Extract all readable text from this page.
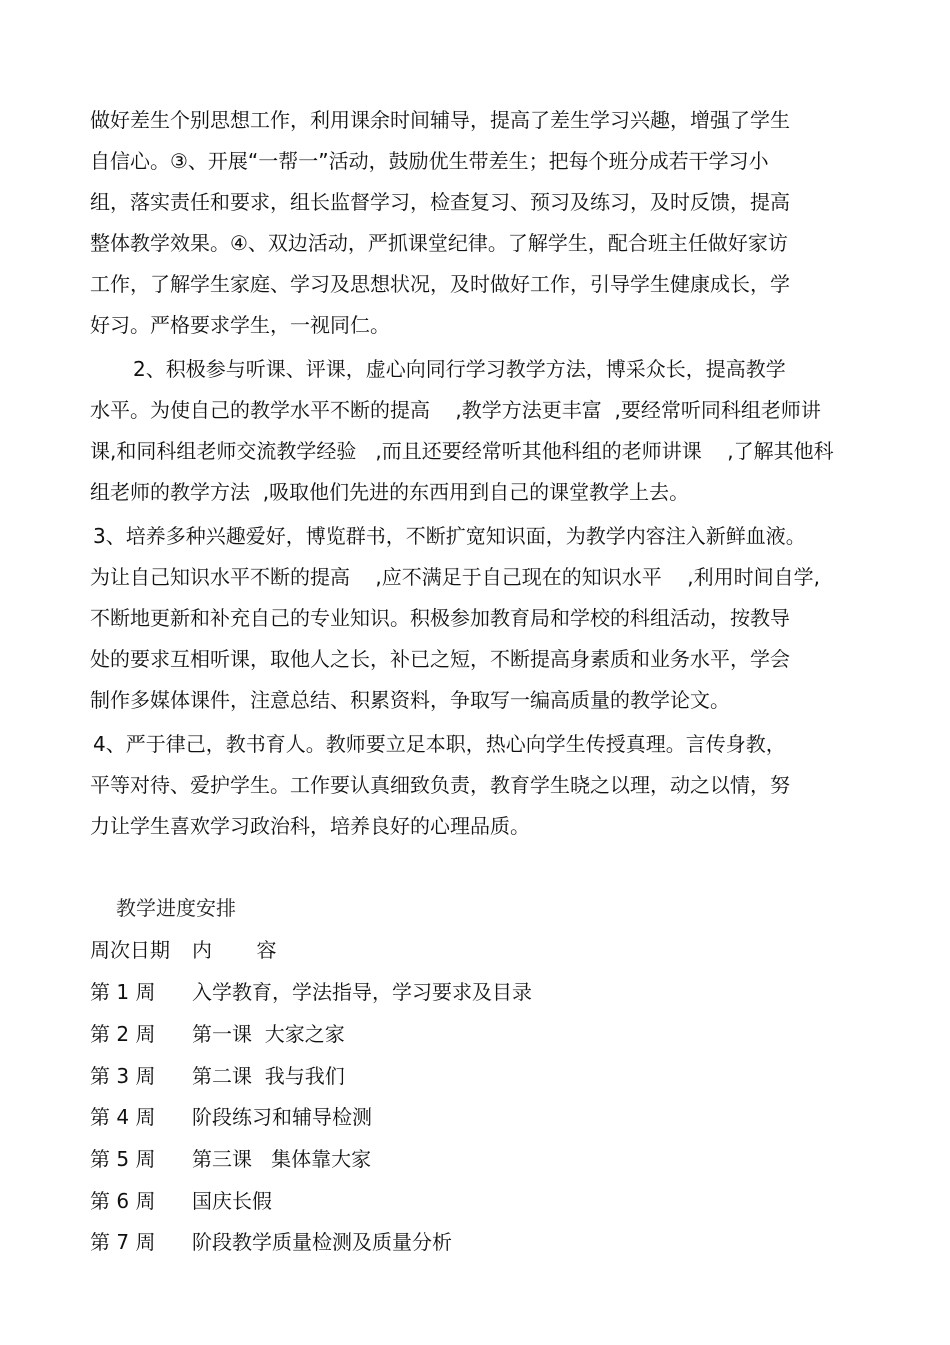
做好差生个别思想工作，利用课余时间辅导，提高了差生学习兴趣，增强了学生
自信心。③、开展“一帮一”活动，鼓励优生带差生；把每个班分成若干学习小
组，落实责任和要求，组长监督学习，检查复习、预习及练习，及时反馈，提高
整体教学效果。④、双边活动，严抓课堂纪律。了解学生，配合班主任做好家访
工作，了解学生家庭、学习及思想状况，及时做好工作，引导学生健康成长，学
好习。严格要求学生，一视同仁。
2、积极参与听课、评课，虚心向同行学习教学方法，博采众长，提高教学
水平。为使自己的教学水平不断的提高    ,教学方法更丰富  ,要经常听同科组老师讲
课,和同科组老师交流教学经验   ,而且还要经常听其他科组的老师讲课    ,了解其他科
组老师的教学方法  ,吸取他们先进的东西用到自己的课堂教学上去。
3、培养多种兴趣爱好，博览群书，不断扩宽知识面，为教学内容注入新鲜血液。
为让自己知识水平不断的提高    ,应不满足于自己现在的知识水平    ,利用时间自学,
不断地更新和补充自己的专业知识。积极参加教育局和学校的科组活动，按教导
处的要求互相听课，取他人之长，补已之短，不断提高身素质和业务水平，学会
制作多媒体课件，注意总结、积累资料，争取写一编高质量的教学论文。
4、严于律己，教书育人。教师要立足本职，热心向学生传授真理。言传身教，
平等对待、爱护学生。工作要认真细致负责，教育学生晓之以理，动之以情，努
力让学生喜欢学习政治科，培养良好的心理品质。
教学进度安排

周次日期

内       容

第 1 周

入学教育，学法指导，学习要求及目录

第 2 周

第一课  大家之家

第 3 周

第二课  我与我们

第 4 周

阶段练习和辅导检测

第 5 周

第三课   集体靠大家

第 6 周

国庆长假

第 7 周

阶段教学质量检测及质量分析
